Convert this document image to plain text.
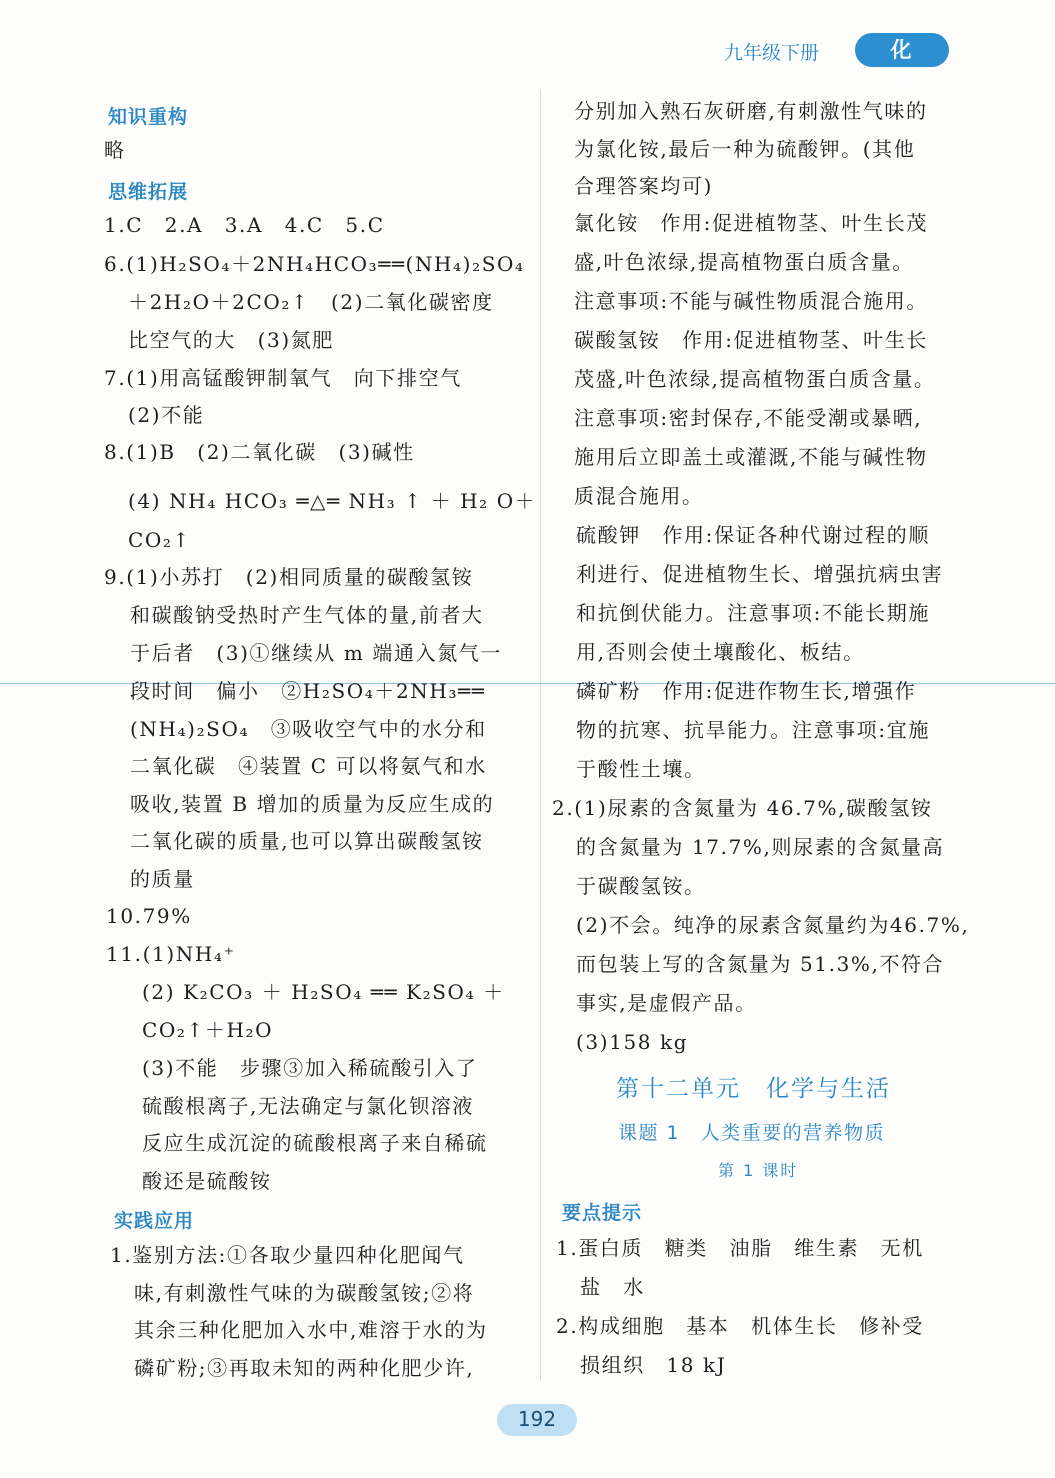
九年级下册	化 学
知识重构
略
思维拓展
1.C　2.A　3.A　4.C　5.C
6.(1)H₂SO₄＋2NH₄HCO₃══(NH₄)₂SO₄
＋2H₂O＋2CO₂↑　(2)二氧化碳密度
比空气的大　(3)氮肥
7.(1)用高锰酸钾制氧气　向下排空气
(2)不能
8.(1)B　(2)二氧化碳　(3)碱性
(4) NH₄ HCO₃ ═△═ NH₃ ↑ ＋ H₂ O＋
CO₂↑
9.(1)小苏打　(2)相同质量的碳酸氢铵
和碳酸钠受热时产生气体的量,前者大
于后者　(3)①继续从 m 端通入氮气一
段时间　偏小　②H₂SO₄＋2NH₃══
(NH₄)₂SO₄　③吸收空气中的水分和
二氧化碳　④装置 C 可以将氨气和水
吸收,装置 B 增加的质量为反应生成的
二氧化碳的质量,也可以算出碳酸氢铵
的质量
10.79%
11.(1)NH₄⁺
(2) K₂CO₃ ＋ H₂SO₄ ══ K₂SO₄ ＋
CO₂↑＋H₂O
(3)不能　步骤③加入稀硫酸引入了
硫酸根离子,无法确定与氯化钡溶液
反应生成沉淀的硫酸根离子来自稀硫
酸还是硫酸铵
实践应用
1.鉴别方法:①各取少量四种化肥闻气
味,有刺激性气味的为碳酸氢铵;②将
其余三种化肥加入水中,难溶于水的为
磷矿粉;③再取未知的两种化肥少许,
分别加入熟石灰研磨,有刺激性气味的
为氯化铵,最后一种为硫酸钾。(其他
合理答案均可)
氯化铵　作用:促进植物茎、叶生长茂
盛,叶色浓绿,提高植物蛋白质含量。
注意事项:不能与碱性物质混合施用。
碳酸氢铵　作用:促进植物茎、叶生长
茂盛,叶色浓绿,提高植物蛋白质含量。
注意事项:密封保存,不能受潮或暴晒,
施用后立即盖土或灌溉,不能与碱性物
质混合施用。
硫酸钾　作用:保证各种代谢过程的顺
利进行、促进植物生长、增强抗病虫害
和抗倒伏能力。注意事项:不能长期施
用,否则会使土壤酸化、板结。
磷矿粉　作用:促进作物生长,增强作
物的抗寒、抗旱能力。注意事项:宜施
于酸性土壤。
2.(1)尿素的含氮量为 46.7%,碳酸氢铵
的含氮量为 17.7%,则尿素的含氮量高
于碳酸氢铵。
(2)不会。纯净的尿素含氮量约为46.7%,
而包装上写的含氮量为 51.3%,不符合
事实,是虚假产品。
(3)158 kg
第十二单元　化学与生活
课题 1　人类重要的营养物质
第 1 课时
要点提示
1.蛋白质　糖类　油脂　维生素　无机
盐　水
2.构成细胞　基本　机体生长　修补受
损组织　18 kJ
192
